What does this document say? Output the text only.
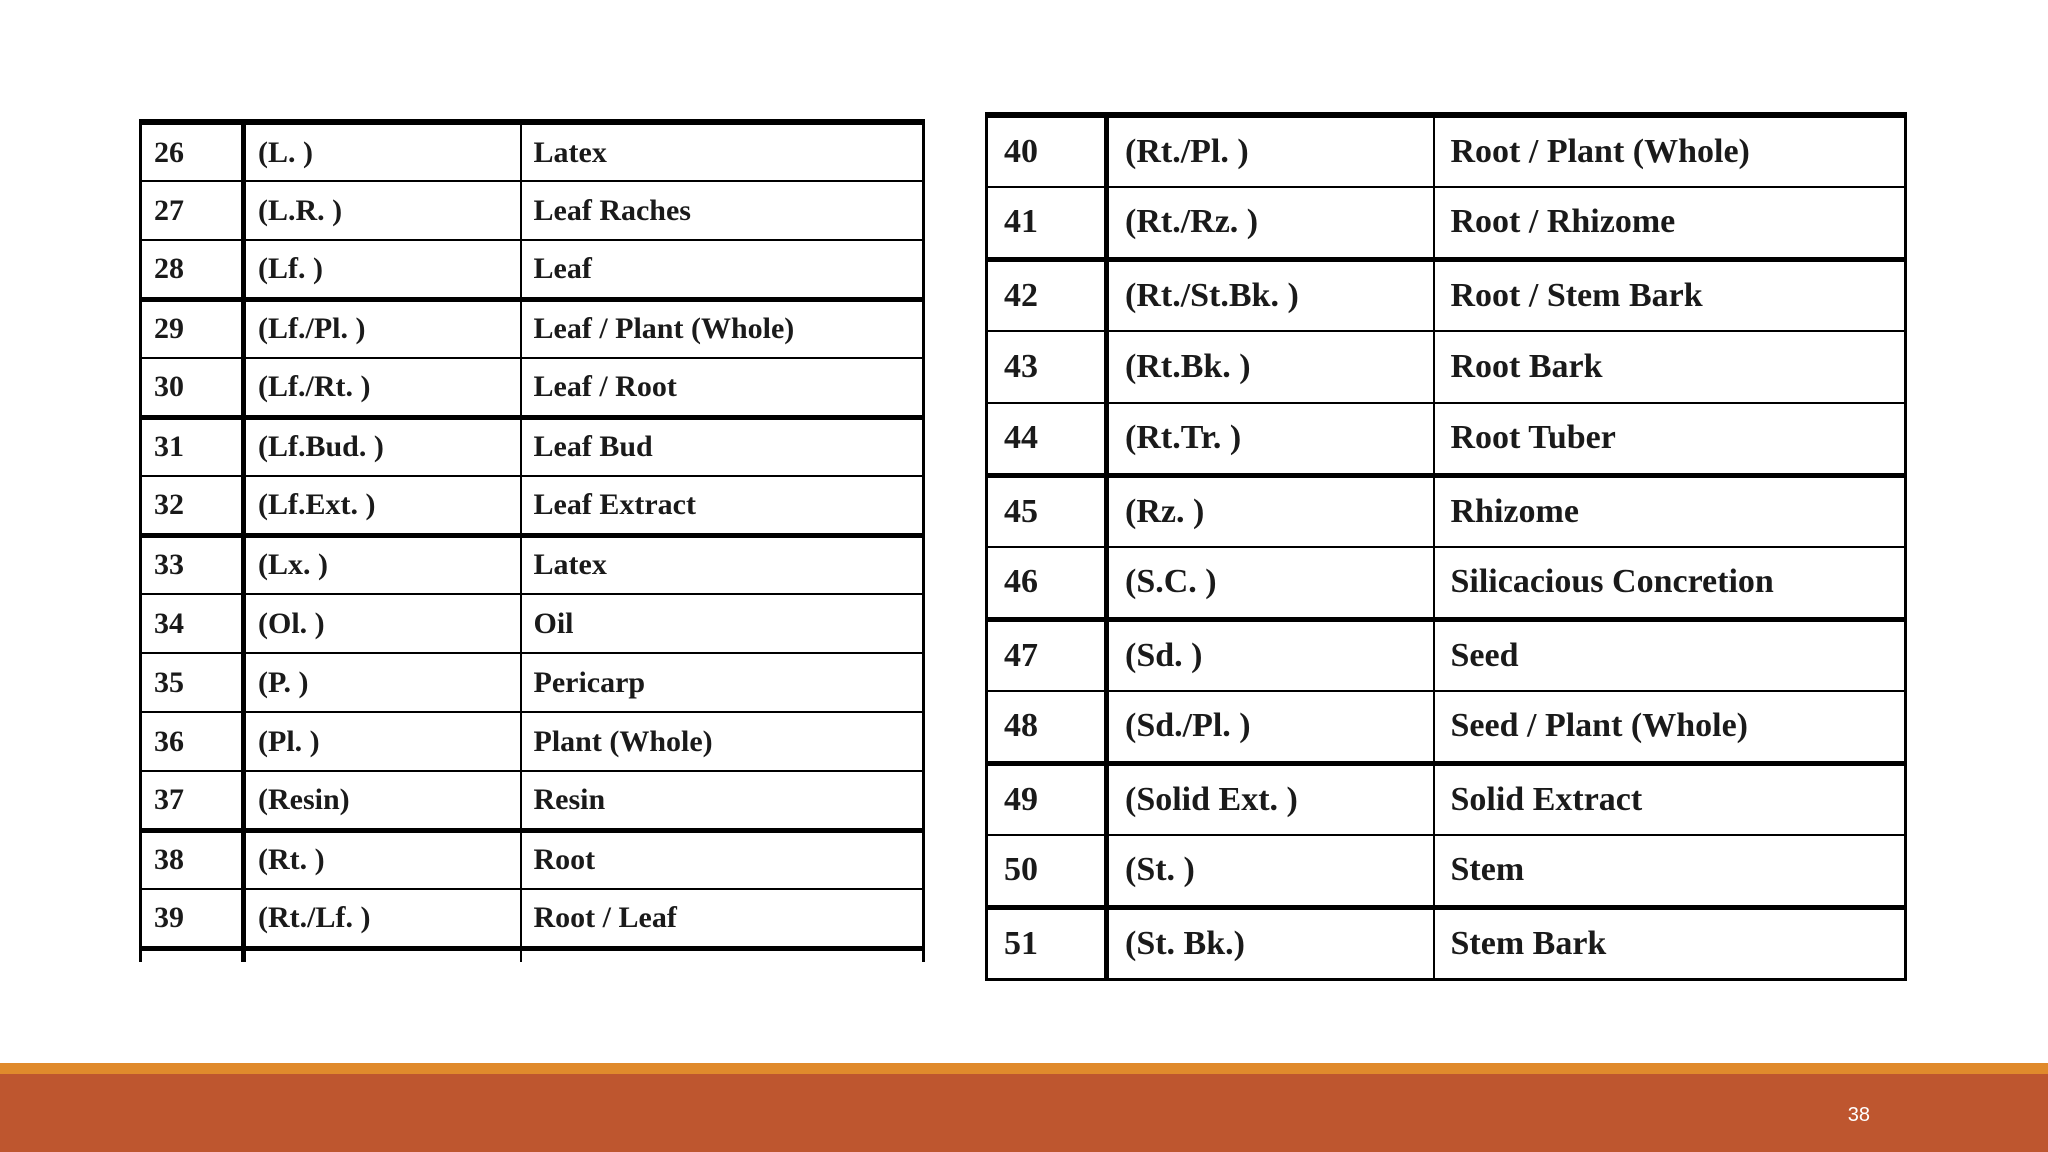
26	(L. )	Latex
27	(L.R. )	Leaf Raches
28	(Lf. )	Leaf
29	(Lf./Pl. )	Leaf / Plant (Whole)
30	(Lf./Rt. )	Leaf / Root
31	(Lf.Bud. )	Leaf Bud
32	(Lf.Ext. )	Leaf Extract
33	(Lx. )	Latex
34	(Ol. )	Oil
35	(P. )	Pericarp
36	(Pl. )	Plant (Whole)
37	(Resin)	Resin
38	(Rt. )	Root
39	(Rt./Lf. )	Root / Leaf

40	(Rt./Pl. )	Root / Plant (Whole)
41	(Rt./Rz. )	Root / Rhizome
42	(Rt./St.Bk. )	Root / Stem Bark
43	(Rt.Bk. )	Root Bark
44	(Rt.Tr. )	Root Tuber
45	(Rz. )	Rhizome
46	(S.C. )	Silicacious Concretion
47	(Sd. )	Seed
48	(Sd./Pl. )	Seed / Plant (Whole)
49	(Solid Ext. )	Solid Extract
50	(St. )	Stem
51	(St. Bk.)	Stem Bark
38
